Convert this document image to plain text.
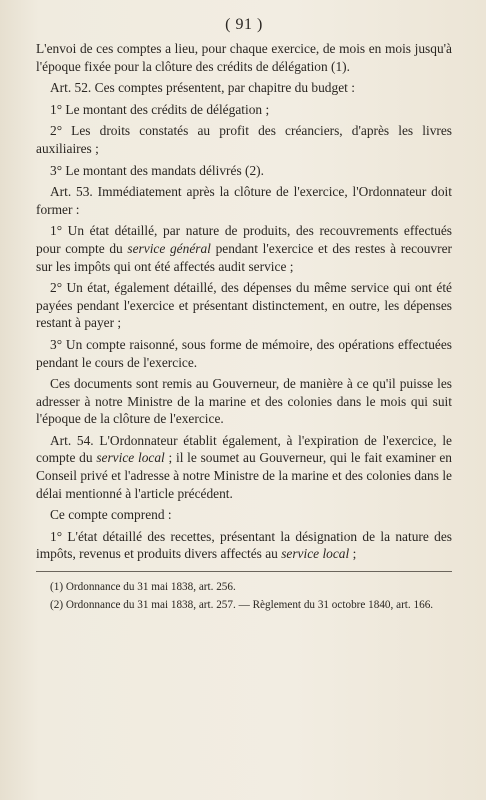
( 91 )

L'envoi de ces comptes a lieu, pour chaque exercice, de mois en mois jusqu'à l'époque fixée pour la clôture des crédits de délégation (1).

Art. 52. Ces comptes présentent, par chapitre du budget :

1° Le montant des crédits de délégation ;

2° Les droits constatés au profit des créanciers, d'après les livres auxiliaires ;

3° Le montant des mandats délivrés (2).

Art. 53. Immédiatement après la clôture de l'exercice, l'Ordonnateur doit former :

1° Un état détaillé, par nature de produits, des recouvrements effectués pour compte du service général pendant l'exercice et des restes à recouvrer sur les impôts qui ont été affectés audit service ;

2° Un état, également détaillé, des dépenses du même service qui ont été payées pendant l'exercice et présentant distinctement, en outre, les dépenses restant à payer ;

3° Un compte raisonné, sous forme de mémoire, des opérations effectuées pendant le cours de l'exercice.

Ces documents sont remis au Gouverneur, de manière à ce qu'il puisse les adresser à notre Ministre de la marine et des colonies dans le mois qui suit l'époque de la clôture de l'exercice.

Art. 54. L'Ordonnateur établit également, à l'expiration de l'exercice, le compte du service local ; il le soumet au Gouverneur, qui le fait examiner en Conseil privé et l'adresse à notre Ministre de la marine et des colonies dans le délai mentionné à l'article précédent.

Ce compte comprend :

1° L'état détaillé des recettes, présentant la désignation de la nature des impôts, revenus et produits divers affectés au service local ;

(1) Ordonnance du 31 mai 1838, art. 256.

(2) Ordonnance du 31 mai 1838, art. 257. — Règlement du 31 octobre 1840, art. 166.
